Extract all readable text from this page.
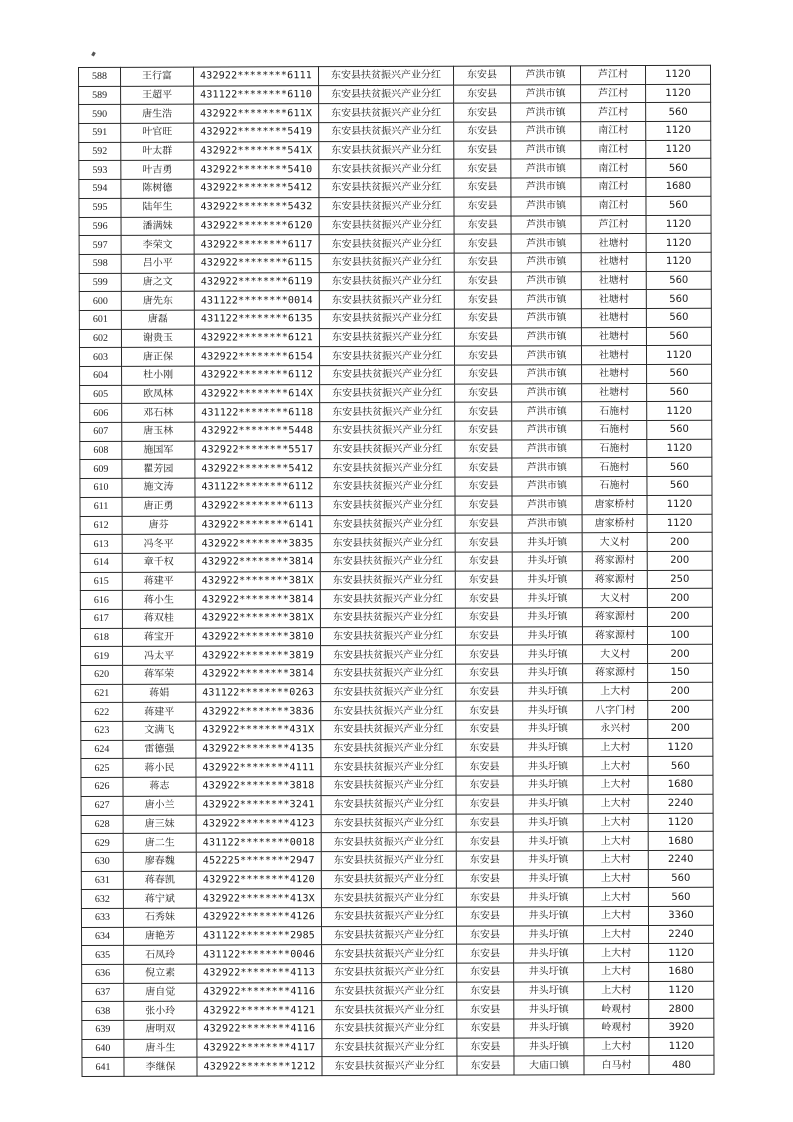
588	王行富	432922********6111	东安县扶贫振兴产业分红	东安县	芦洪市镇	芦江村	1120
589	王超平	431122********6110	东安县扶贫振兴产业分红	东安县	芦洪市镇	芦江村	1120
590	唐生浩	432922********611X	东安县扶贫振兴产业分红	东安县	芦洪市镇	芦江村	560
591	叶官旺	432922********5419	东安县扶贫振兴产业分红	东安县	芦洪市镇	南江村	1120
592	叶太群	432922********541X	东安县扶贫振兴产业分红	东安县	芦洪市镇	南江村	1120
593	叶吉勇	432922********5410	东安县扶贫振兴产业分红	东安县	芦洪市镇	南江村	560
594	陈树德	432922********5412	东安县扶贫振兴产业分红	东安县	芦洪市镇	南江村	1680
595	陆年生	432922********5432	东安县扶贫振兴产业分红	东安县	芦洪市镇	南江村	560
596	潘满妹	432922********6120	东安县扶贫振兴产业分红	东安县	芦洪市镇	芦江村	1120
597	李荣文	432922********6117	东安县扶贫振兴产业分红	东安县	芦洪市镇	社塘村	1120
598	吕小平	432922********6115	东安县扶贫振兴产业分红	东安县	芦洪市镇	社塘村	1120
599	唐之文	432922********6119	东安县扶贫振兴产业分红	东安县	芦洪市镇	社塘村	560
600	唐先东	431122********0014	东安县扶贫振兴产业分红	东安县	芦洪市镇	社塘村	560
601	唐磊	431122********6135	东安县扶贫振兴产业分红	东安县	芦洪市镇	社塘村	560
602	谢贵玉	432922********6121	东安县扶贫振兴产业分红	东安县	芦洪市镇	社塘村	560
603	唐正保	432922********6154	东安县扶贫振兴产业分红	东安县	芦洪市镇	社塘村	1120
604	杜小刚	432922********6112	东安县扶贫振兴产业分红	东安县	芦洪市镇	社塘村	560
605	欧凤林	432922********614X	东安县扶贫振兴产业分红	东安县	芦洪市镇	社塘村	560
606	邓石林	431122********6118	东安县扶贫振兴产业分红	东安县	芦洪市镇	石施村	1120
607	唐玉林	432922********5448	东安县扶贫振兴产业分红	东安县	芦洪市镇	石施村	560
608	施国军	432922********5517	东安县扶贫振兴产业分红	东安县	芦洪市镇	石施村	1120
609	瞿芳园	432922********5412	东安县扶贫振兴产业分红	东安县	芦洪市镇	石施村	560
610	施文涛	431122********6112	东安县扶贫振兴产业分红	东安县	芦洪市镇	石施村	560
611	唐正勇	432922********6113	东安县扶贫振兴产业分红	东安县	芦洪市镇	唐家桥村	1120
612	唐芬	432922********6141	东安县扶贫振兴产业分红	东安县	芦洪市镇	唐家桥村	1120
613	冯冬平	432922********3835	东安县扶贫振兴产业分红	东安县	井头圩镇	大义村	200
614	章千权	432922********3814	东安县扶贫振兴产业分红	东安县	井头圩镇	蒋家源村	200
615	蒋建平	432922********381X	东安县扶贫振兴产业分红	东安县	井头圩镇	蒋家源村	250
616	蒋小生	432922********3814	东安县扶贫振兴产业分红	东安县	井头圩镇	大义村	200
617	蒋双桂	432922********381X	东安县扶贫振兴产业分红	东安县	井头圩镇	蒋家源村	200
618	蒋宝开	432922********3810	东安县扶贫振兴产业分红	东安县	井头圩镇	蒋家源村	100
619	冯太平	432922********3819	东安县扶贫振兴产业分红	东安县	井头圩镇	大义村	200
620	蒋军荣	432922********3814	东安县扶贫振兴产业分红	东安县	井头圩镇	蒋家源村	150
621	蒋娟	431122********0263	东安县扶贫振兴产业分红	东安县	井头圩镇	上大村	200
622	蒋建平	432922********3836	东安县扶贫振兴产业分红	东安县	井头圩镇	八字门村	200
623	文满飞	432922********431X	东安县扶贫振兴产业分红	东安县	井头圩镇	永兴村	200
624	雷德强	432922********4135	东安县扶贫振兴产业分红	东安县	井头圩镇	上大村	1120
625	蒋小民	432922********4111	东安县扶贫振兴产业分红	东安县	井头圩镇	上大村	560
626	蒋志	432922********3818	东安县扶贫振兴产业分红	东安县	井头圩镇	上大村	1680
627	唐小兰	432922********3241	东安县扶贫振兴产业分红	东安县	井头圩镇	上大村	2240
628	唐三妹	432922********4123	东安县扶贫振兴产业分红	东安县	井头圩镇	上大村	1120
629	唐二生	431122********0018	东安县扶贫振兴产业分红	东安县	井头圩镇	上大村	1680
630	廖春魏	452225********2947	东安县扶贫振兴产业分红	东安县	井头圩镇	上大村	2240
631	蒋春凯	432922********4120	东安县扶贫振兴产业分红	东安县	井头圩镇	上大村	560
632	蒋宁斌	432922********413X	东安县扶贫振兴产业分红	东安县	井头圩镇	上大村	560
633	石秀妹	432922********4126	东安县扶贫振兴产业分红	东安县	井头圩镇	上大村	3360
634	唐艳芳	431122********2985	东安县扶贫振兴产业分红	东安县	井头圩镇	上大村	2240
635	石凤玲	431122********0046	东安县扶贫振兴产业分红	东安县	井头圩镇	上大村	1120
636	倪立素	432922********4113	东安县扶贫振兴产业分红	东安县	井头圩镇	上大村	1680
637	唐自觉	432922********4116	东安县扶贫振兴产业分红	东安县	井头圩镇	上大村	1120
638	张小玲	432922********4121	东安县扶贫振兴产业分红	东安县	井头圩镇	岭观村	2800
639	唐明双	432922********4116	东安县扶贫振兴产业分红	东安县	井头圩镇	岭观村	3920
640	唐斗生	432922********4117	东安县扶贫振兴产业分红	东安县	井头圩镇	上大村	1120
641	李继保	432922********1212	东安县扶贫振兴产业分红	东安县	大庙口镇	白马村	480
